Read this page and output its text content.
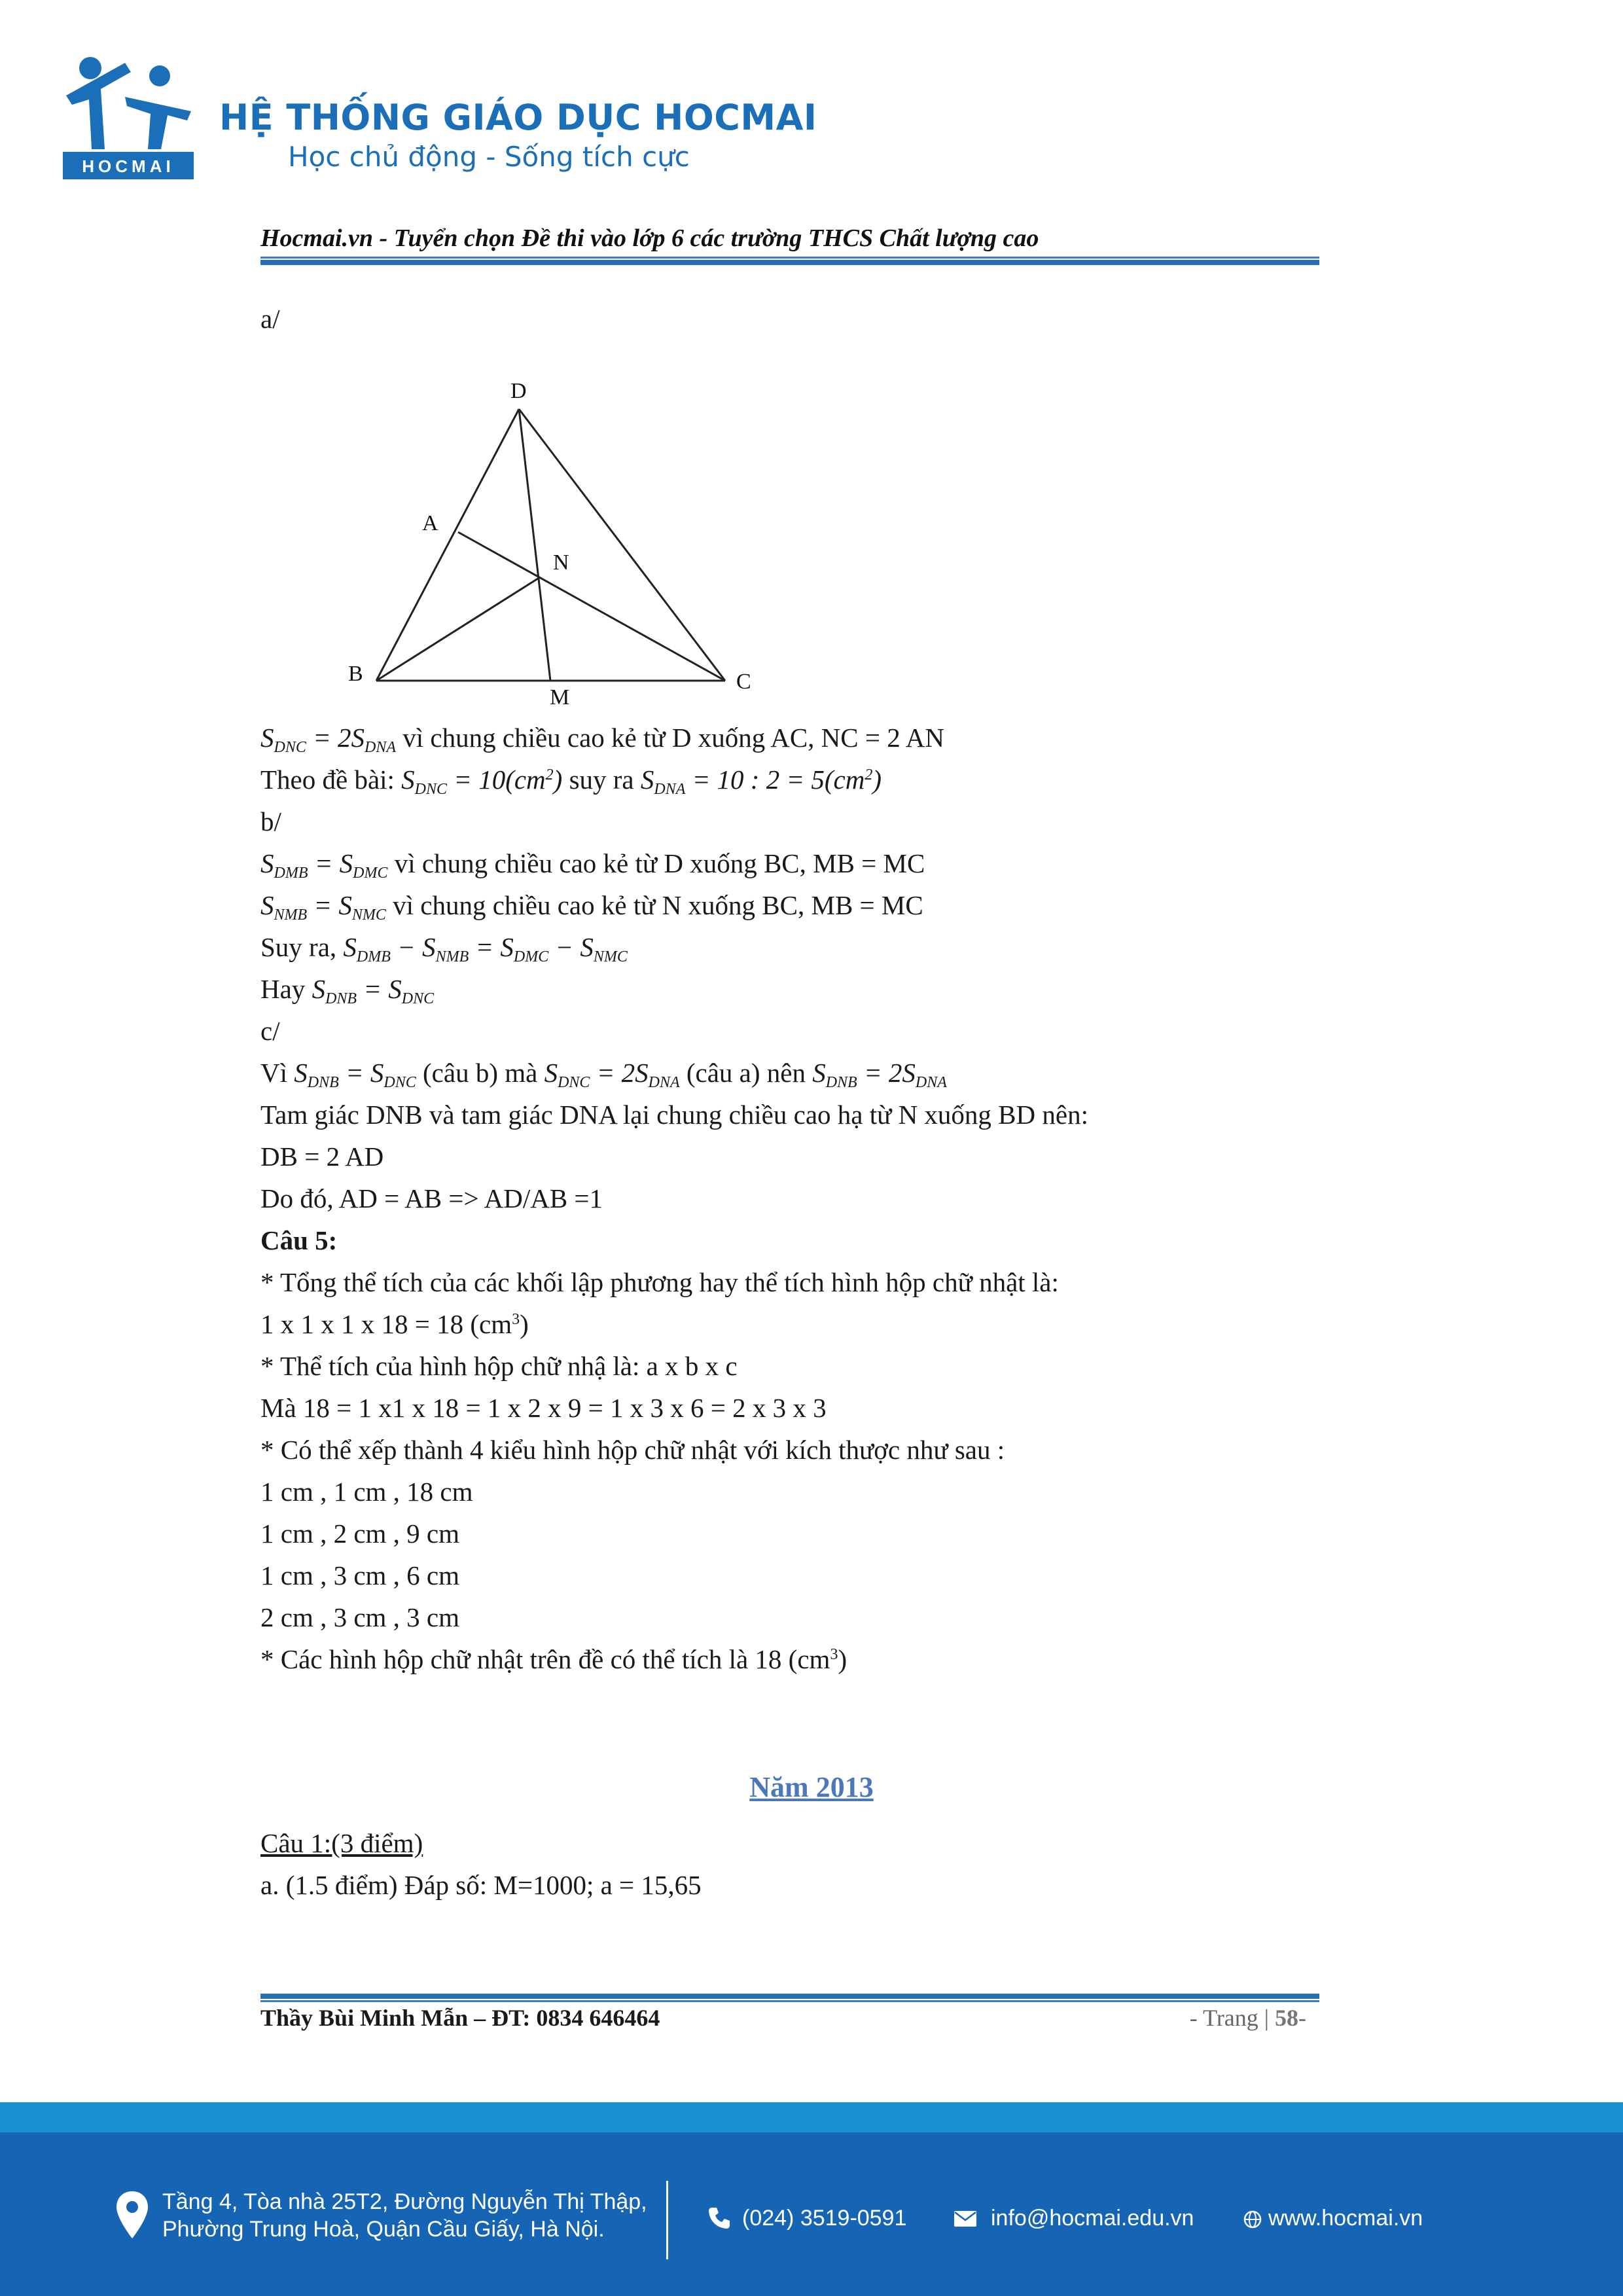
HOCMAI
HỆ THỐNG GIÁO DỤC HOCMAI
Học chủ động - Sống tích cực
Hocmai.vn - Tuyển chọn Đề thi vào lớp 6 các trường THCS Chất lượng cao
D
A
N
B
M
C
a/
$S_{DNC} = 2S_{DNA}$ vì chung chiều cao kẻ từ D xuống AC, NC = 2 AN
Theo đề bài: $S_{DNC} = 10(cm^2)$ suy ra $S_{DNA} = 10$ : $2 = 5(cm^2)$
b/
$S_{DMB} = S_{DMC}$ vì chung chiều cao kẻ từ D xuống BC, MB = MC
$S_{NMB} = S_{NMC}$ vì chung chiều cao kẻ từ N xuống BC, MB = MC
Suy ra, $S_{DMB} - S_{NMB} = S_{DMC} - S_{NMC}$
Hay $S_{DNB} = S_{DNC}$
c/
Vì $S_{DNB} = S_{DNC}$ (câu b) mà $S_{DNC} = 2S_{DNA}$ (câu a) nên $S_{DNB} = 2S_{DNA}$
Tam giác DNB và tam giác DNA lại chung chiều cao hạ từ N xuống BD nên:
DB = 2 AD
Do đó, AD = AB => AD/AB =1
Câu 5:
* Tổng thể tích của các khối lập phương hay thể tích hình hộp chữ nhật là:
1 x 1 x 1 x 18 = 18 $(cm^3)$
* Thể tích của hình hộp chữ nhậ là: a x b x c
Mà 18 = 1 x1 x 18 = 1 x 2 x 9 = 1 x 3 x 6 = 2 x 3 x 3
* Có thể xếp thành 4 kiểu hình hộp chữ nhật với kích thược như sau :
1 cm , 1 cm , 18 cm
1 cm , 2 cm , 9 cm
1 cm , 3 cm , 6 cm
2 cm , 3 cm , 3 cm
* Các hình hộp chữ nhật trên đề có thể tích là 18 $(cm^3)$
Năm 2013
Câu 1:(3 điểm)
a. (1.5 điểm) Đáp số: M=1000; a = 15,65
Thầy Bùi Minh Mẫn – ĐT: 0834 646464	- Trang | 58-
Tầng 4, Tòa nhà 25T2, Đường Nguyễn Thị Thập,
Phường Trung Hoà, Quận Cầu Giấy, Hà Nội.	(024) 3519-0591	info@hocmai.edu.vn	www.hocmai.vn
